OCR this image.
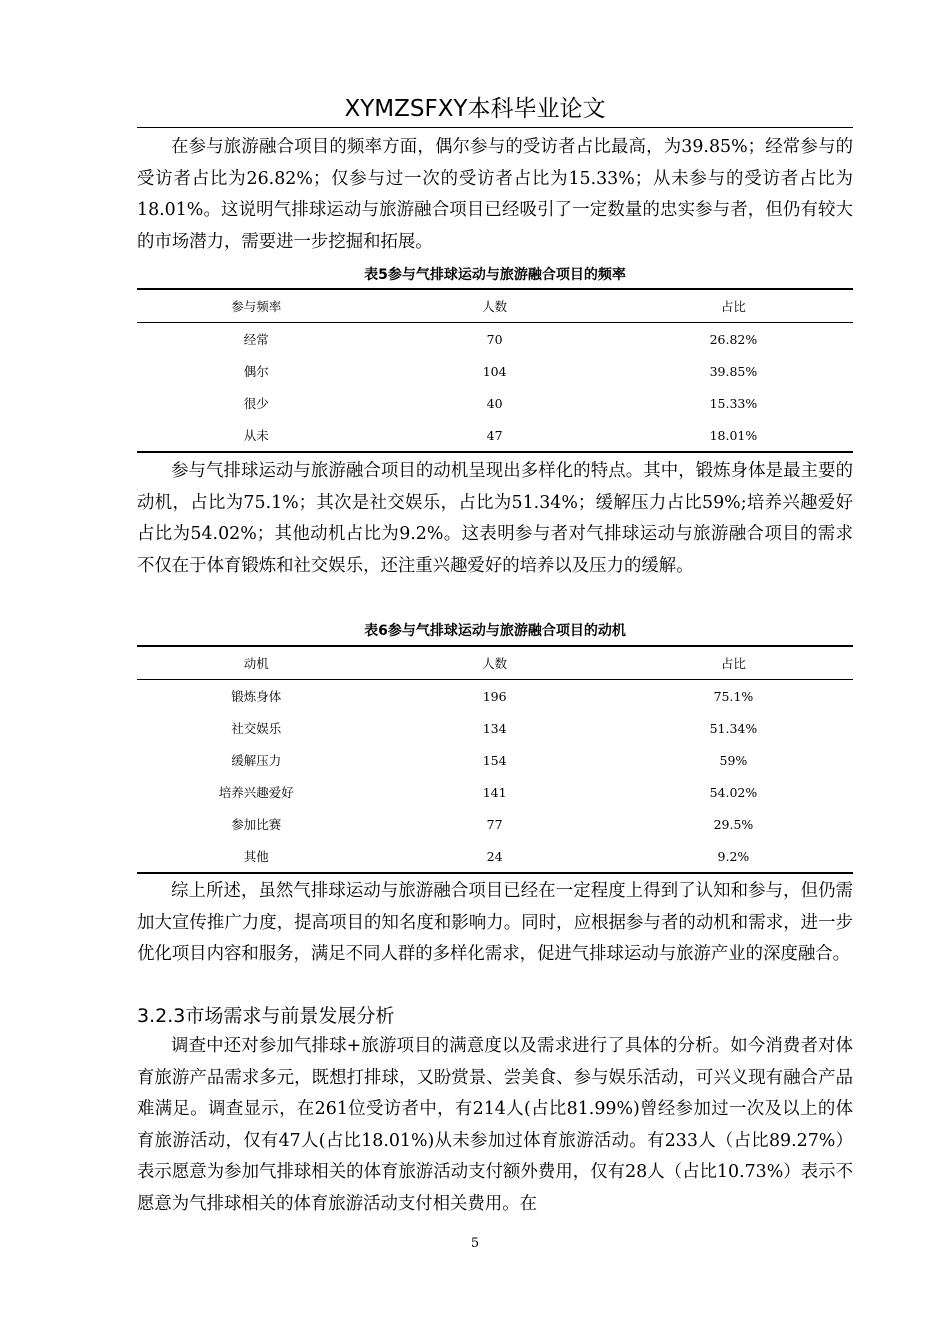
XYMZSFXY本科毕业论文

在参与旅游融合项目的频率方面，偶尔参与的受访者占比最高，为39.85%；经常参与的受访者占比为26.82%；仅参与过一次的受访者占比为15.33%；从未参与的受访者占比为18.01%。这说明气排球运动与旅游融合项目已经吸引了一定数量的忠实参与者，但仍有较大的市场潜力，需要进一步挖掘和拓展。

表5参与气排球运动与旅游融合项目的频率
参与频率	人数	占比
经常	70	26.82%
偶尔	104	39.85%
很少	40	15.33%
从未	47	18.01%

参与气排球运动与旅游融合项目的动机呈现出多样化的特点。其中，锻炼身体是最主要的动机，占比为75.1%；其次是社交娱乐，占比为51.34%；缓解压力占比59%;培养兴趣爱好占比为54.02%；其他动机占比为9.2%。这表明参与者对气排球运动与旅游融合项目的需求不仅在于体育锻炼和社交娱乐，还注重兴趣爱好的培养以及压力的缓解。

表6参与气排球运动与旅游融合项目的动机
动机	人数	占比
锻炼身体	196	75.1%
社交娱乐	134	51.34%
缓解压力	154	59%
培养兴趣爱好	141	54.02%
参加比赛	77	29.5%
其他	24	9.2%

综上所述，虽然气排球运动与旅游融合项目已经在一定程度上得到了认知和参与，但仍需加大宣传推广力度，提高项目的知名度和影响力。同时，应根据参与者的动机和需求，进一步优化项目内容和服务，满足不同人群的多样化需求，促进气排球运动与旅游产业的深度融合。

3.2.3市场需求与前景发展分析

调查中还对参加气排球+旅游项目的满意度以及需求进行了具体的分析。如今消费者对体育旅游产品需求多元，既想打排球，又盼赏景、尝美食、参与娱乐活动，可兴义现有融合产品难满足。调查显示，在261位受访者中，有214人(占比81.99%)曾经参加过一次及以上的体育旅游活动，仅有47人(占比18.01%)从未参加过体育旅游活动。有233人（占比89.27%）表示愿意为参加气排球相关的体育旅游活动支付额外费用，仅有28人（占比10.73%）表示不愿意为气排球相关的体育旅游活动支付相关费用。在

5
